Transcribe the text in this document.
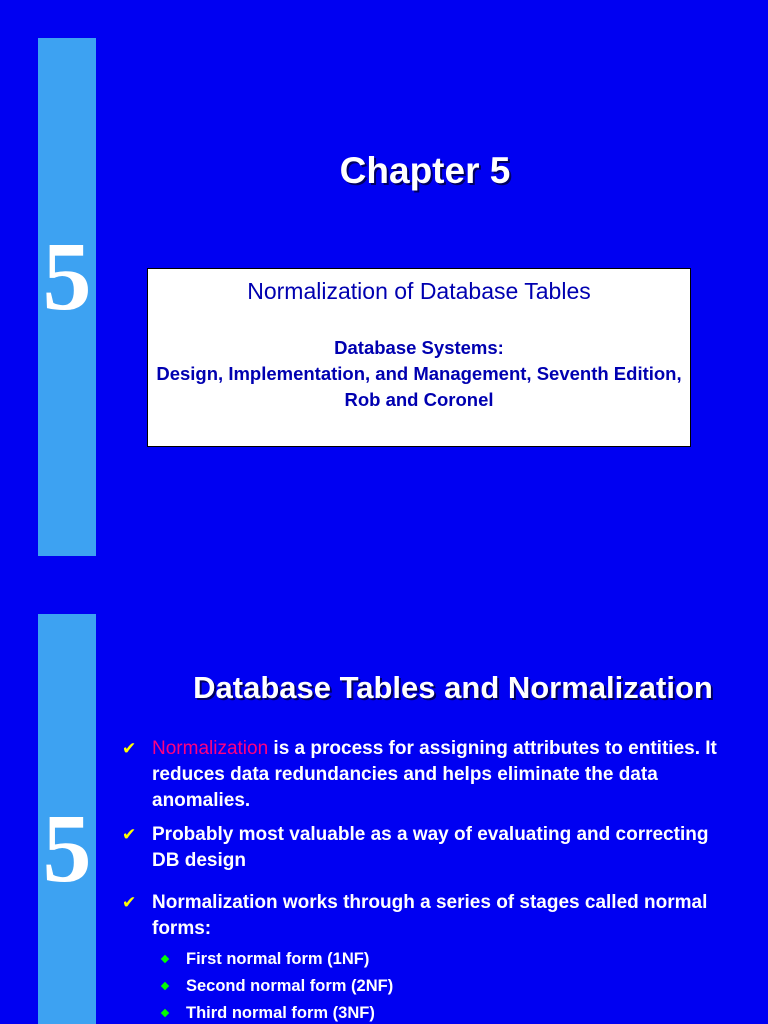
5
Chapter 5
Normalization of Database Tables
Database Systems:
Design, Implementation, and Management, Seventh Edition, Rob and Coronel
5
Database Tables and Normalization
✔ Normalization is a process for assigning attributes to entities. It reduces data redundancies and helps eliminate the data anomalies.
✔ Probably most valuable as a way of evaluating and correcting DB design
✔ Normalization works through a series of stages called normal forms:
First normal form (1NF)
Second normal form (2NF)
Third normal form (3NF)
